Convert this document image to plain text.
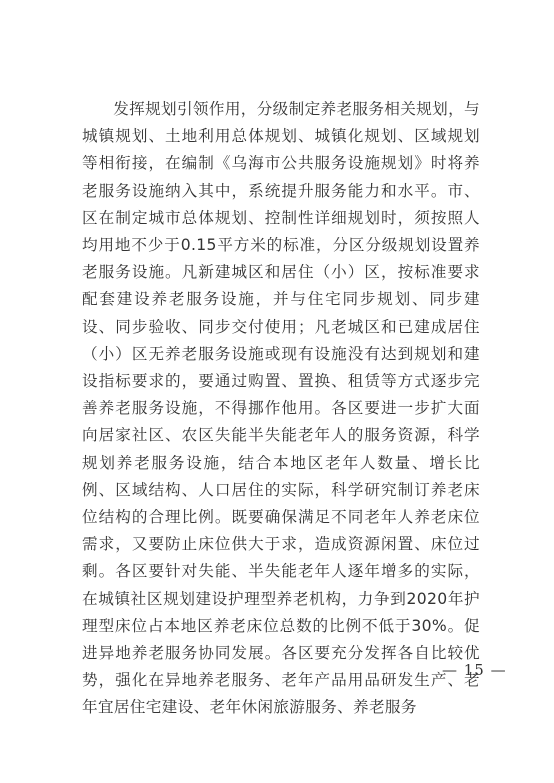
发挥规划引领作用，分级制定养老服务相关规划，与城镇规划、土地利用总体规划、城镇化规划、区域规划等相衔接，在编制《乌海市公共服务设施规划》时将养老服务设施纳入其中，系统提升服务能力和水平。市、区在制定城市总体规划、控制性详细规划时，须按照人均用地不少于0.15平方米的标准，分区分级规划设置养老服务设施。凡新建城区和居住（小）区，按标准要求配套建设养老服务设施，并与住宅同步规划、同步建设、同步验收、同步交付使用；凡老城区和已建成居住（小）区无养老服务设施或现有设施没有达到规划和建设指标要求的，要通过购置、置换、租赁等方式逐步完善养老服务设施，不得挪作他用。各区要进一步扩大面向居家社区、农区失能半失能老年人的服务资源，科学规划养老服务设施，结合本地区老年人数量、增长比例、区域结构、人口居住的实际，科学研究制订养老床位结构的合理比例。既要确保满足不同老年人养老床位需求，又要防止床位供大于求，造成资源闲置、床位过剩。各区要针对失能、半失能老年人逐年增多的实际，在城镇社区规划建设护理型养老机构，力争到2020年护理型床位占本地区养老床位总数的比例不低于30%。促进异地养老服务协同发展。各区要充分发挥各自比较优势，强化在异地养老服务、老年产品用品研发生产、老年宜居住宅建设、老年休闲旅游服务、养老服务

— 15 —
